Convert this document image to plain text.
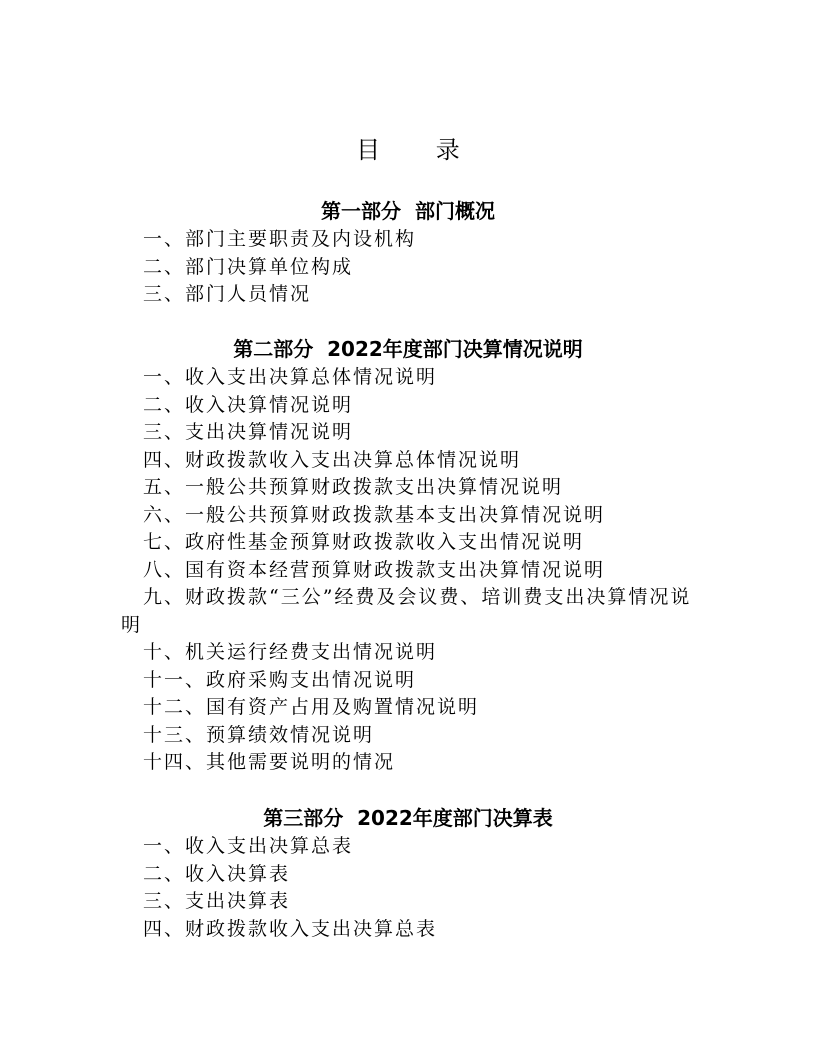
目 录
第一部分  部门概况
一、部门主要职责及内设机构
二、部门决算单位构成
三、部门人员情况
第二部分  2022年度部门决算情况说明
一、收入支出决算总体情况说明
二、收入决算情况说明
三、支出决算情况说明
四、财政拨款收入支出决算总体情况说明
五、一般公共预算财政拨款支出决算情况说明
六、一般公共预算财政拨款基本支出决算情况说明
七、政府性基金预算财政拨款收入支出情况说明
八、国有资本经营预算财政拨款支出决算情况说明
九、财政拨款“三公”经费及会议费、培训费支出决算情况说明
十、机关运行经费支出情况说明
十一、政府采购支出情况说明
十二、国有资产占用及购置情况说明
十三、预算绩效情况说明
十四、其他需要说明的情况
第三部分  2022年度部门决算表
一、收入支出决算总表
二、收入决算表
三、支出决算表
四、财政拨款收入支出决算总表
